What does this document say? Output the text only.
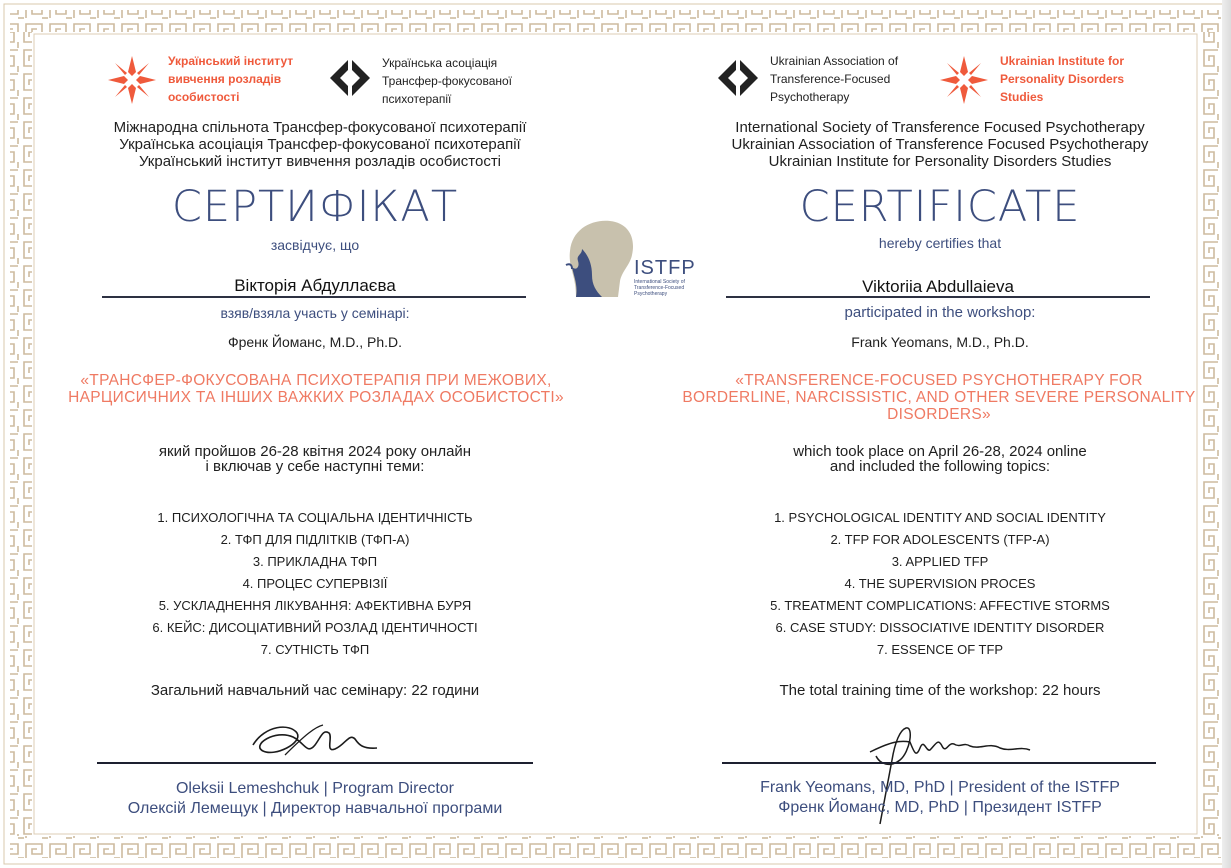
Український інститут вивчення розладів особистості
Українська асоціація Трансфер-фокусованої психотерапії
Міжнародна спільнота Трансфер-фокусованої психотерапії
Українська асоціація Трансфер-фокусованої психотерапії
Український інститут вивчення розладів особистості
СЕРТИФІКАТ
засвідчує, що
Вікторія Абдуллаєва
взяв/взяла участь у семінарі:
Френк Йоманс, M.D., Ph.D.
«ТРАНСФЕР-ФОКУСОВАНА ПСИХОТЕРАПІЯ ПРИ МЕЖОВИХ, НАРЦИСИЧНИХ ТА ІНШИХ ВАЖКИХ РОЗЛАДАХ ОСОБИСТОСТІ»
який пройшов 26-28 квітня 2024 року онлайн
і включав у себе наступні теми:
1. ПСИХОЛОГІЧНА ТА СОЦІАЛЬНА ІДЕНТИЧНІСТЬ
2. ТФП ДЛЯ ПІДЛІТКІВ (ТФП-А)
3. ПРИКЛАДНА ТФП
4. ПРОЦЕС СУПЕРВІЗІЇ
5. УСКЛАДНЕННЯ ЛІКУВАННЯ: АФЕКТИВНА БУРЯ
6. КЕЙС: ДИСОЦІАТИВНИЙ РОЗЛАД ІДЕНТИЧНОСТІ
7. СУТНІСТЬ ТФП
Загальний навчальний час семінару: 22 години
Oleksii Lemeshchuk | Program Director
Олексій Лемещук | Директор навчальної програми
ISTFP
International Society of Transference-Focused Psychotherapy
Ukrainian Association of Transference-Focused Psychotherapy
Ukrainian Institute for Personality Disorders Studies
International Society of Transference Focused Psychotherapy
Ukrainian Association of Transference Focused Psychotherapy
Ukrainian Institute for Personality Disorders Studies
CERTIFICATE
hereby certifies that
Viktoriia Abdullaieva
participated in the workshop:
Frank Yeomans, M.D., Ph.D.
«TRANSFERENCE-FOCUSED PSYCHOTHERAPY FOR BORDERLINE, NARCISSISTIC, AND OTHER SEVERE PERSONALITY DISORDERS»
which took place on April 26-28, 2024 online
and included the following topics:
1. PSYCHOLOGICAL IDENTITY AND SOCIAL IDENTITY
2. TFP FOR ADOLESCENTS (TFP-A)
3. APPLIED TFP
4. THE SUPERVISION PROCES
5. TREATMENT COMPLICATIONS: AFFECTIVE STORMS
6. CASE STUDY: DISSOCIATIVE IDENTITY DISORDER
7. ESSENCE OF TFP
The total training time of the workshop: 22 hours
Frank Yeomans, MD, PhD | President of the ISTFP
Френк Йоманс, MD, PhD | Президент ISTFP
